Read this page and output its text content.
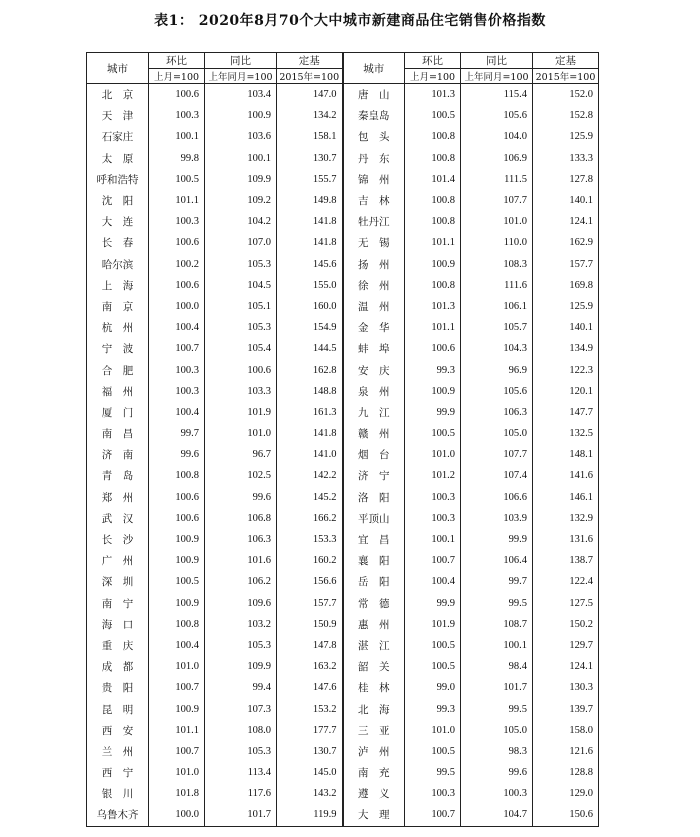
表1： 2020年8月70个大中城市新建商品住宅销售价格指数
城市	环比	同比	定基	城市	环比	同比	定基
	上月=100	上年同月=100	2015年=100		上月=100	上年同月=100	2015年=100
北　京	100.6	103.4	147.0	唐　山	101.3	115.4	152.0
天　津	100.3	100.9	134.2	秦皇岛	100.5	105.6	152.8
石家庄	100.1	103.6	158.1	包　头	100.8	104.0	125.9
太　原	99.8	100.1	130.7	丹　东	100.8	106.9	133.3
呼和浩特	100.5	109.9	155.7	锦　州	101.4	111.5	127.8
沈　阳	101.1	109.2	149.8	吉　林	100.8	107.7	140.1
大　连	100.3	104.2	141.8	牡丹江	100.8	101.0	124.1
长　春	100.6	107.0	141.8	无　锡	101.1	110.0	162.9
哈尔滨	100.2	105.3	145.6	扬　州	100.9	108.3	157.7
上　海	100.6	104.5	155.0	徐　州	100.8	111.6	169.8
南　京	100.0	105.1	160.0	温　州	101.3	106.1	125.9
杭　州	100.4	105.3	154.9	金　华	101.1	105.7	140.1
宁　波	100.7	105.4	144.5	蚌　埠	100.6	104.3	134.9
合　肥	100.3	100.6	162.8	安　庆	99.3	96.9	122.3
福　州	100.3	103.3	148.8	泉　州	100.9	105.6	120.1
厦　门	100.4	101.9	161.3	九　江	99.9	106.3	147.7
南　昌	99.7	101.0	141.8	赣　州	100.5	105.0	132.5
济　南	99.6	96.7	141.0	烟　台	101.0	107.7	148.1
青　岛	100.8	102.5	142.2	济　宁	101.2	107.4	141.6
郑　州	100.6	99.6	145.2	洛　阳	100.3	106.6	146.1
武　汉	100.6	106.8	166.2	平顶山	100.3	103.9	132.9
长　沙	100.9	106.3	153.3	宜　昌	100.1	99.9	131.6
广　州	100.9	101.6	160.2	襄　阳	100.7	106.4	138.7
深　圳	100.5	106.2	156.6	岳　阳	100.4	99.7	122.4
南　宁	100.9	109.6	157.7	常　德	99.9	99.5	127.5
海　口	100.8	103.2	150.9	惠　州	101.9	108.7	150.2
重　庆	100.4	105.3	147.8	湛　江	100.5	100.1	129.7
成　都	101.0	109.9	163.2	韶　关	100.5	98.4	124.1
贵　阳	100.7	99.4	147.6	桂　林	99.0	101.7	130.3
昆　明	100.9	107.3	153.2	北　海	99.3	99.5	139.7
西　安	101.1	108.0	177.7	三　亚	101.0	105.0	158.0
兰　州	100.7	105.3	130.7	泸　州	100.5	98.3	121.6
西　宁	101.0	113.4	145.0	南　充	99.5	99.6	128.8
银　川	101.8	117.6	143.2	遵　义	100.3	100.3	129.0
乌鲁木齐	100.0	101.7	119.9	大　理	100.7	104.7	150.6
